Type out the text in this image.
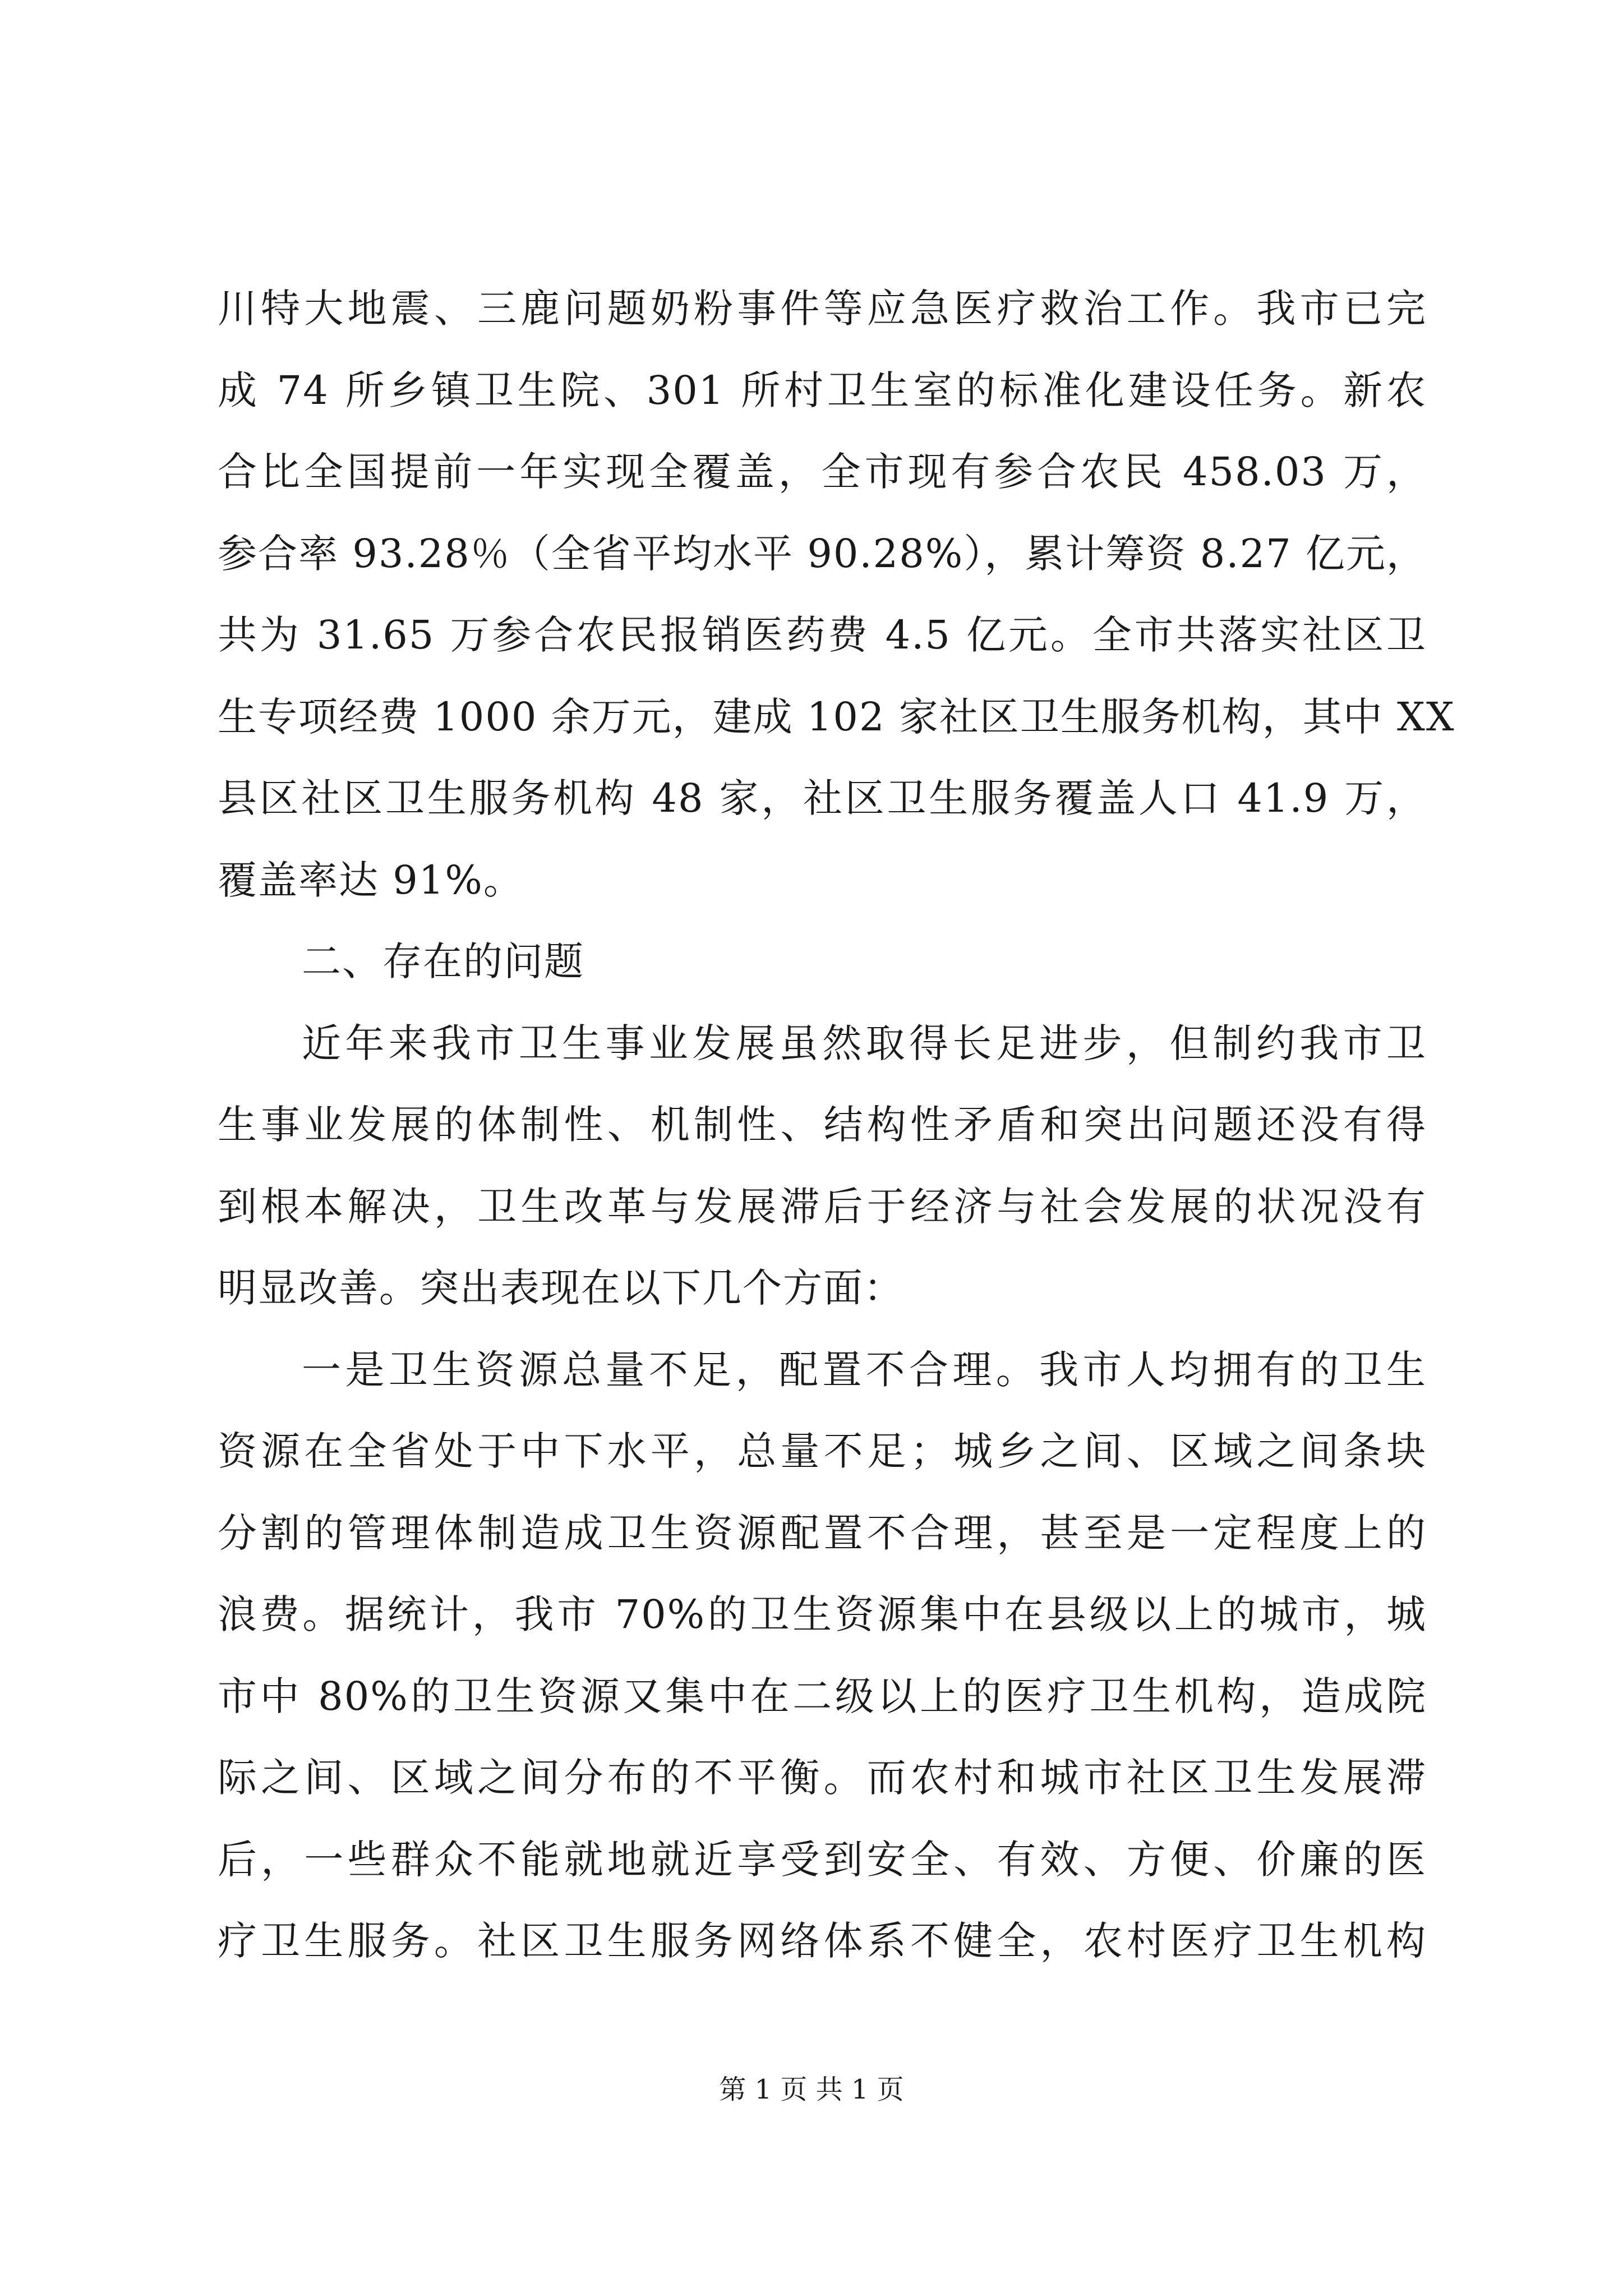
川特大地震、三鹿问题奶粉事件等应急医疗救治工作。我市已完
成 74 所乡镇卫生院、301 所村卫生室的标准化建设任务。新农
合比全国提前一年实现全覆盖，全市现有参合农民 458.03 万，
参合率 93.28％（全省平均水平 90.28%），累计筹资 8.27 亿元，
共为 31.65 万参合农民报销医药费 4.5 亿元。全市共落实社区卫
生专项经费 1000 余万元，建成 102 家社区卫生服务机构，其中 XX
县区社区卫生服务机构 48 家，社区卫生服务覆盖人口 41.9 万，
覆盖率达 91%。
二、存在的问题
近年来我市卫生事业发展虽然取得长足进步，但制约我市卫
生事业发展的体制性、机制性、结构性矛盾和突出问题还没有得
到根本解决，卫生改革与发展滞后于经济与社会发展的状况没有
明显改善。突出表现在以下几个方面：
一是卫生资源总量不足，配置不合理。我市人均拥有的卫生
资源在全省处于中下水平，总量不足；城乡之间、区域之间条块
分割的管理体制造成卫生资源配置不合理，甚至是一定程度上的
浪费。据统计，我市 70%的卫生资源集中在县级以上的城市，城
市中 80%的卫生资源又集中在二级以上的医疗卫生机构，造成院
际之间、区域之间分布的不平衡。而农村和城市社区卫生发展滞
后，一些群众不能就地就近享受到安全、有效、方便、价廉的医
疗卫生服务。社区卫生服务网络体系不健全，农村医疗卫生机构
第 1 页 共 1 页
